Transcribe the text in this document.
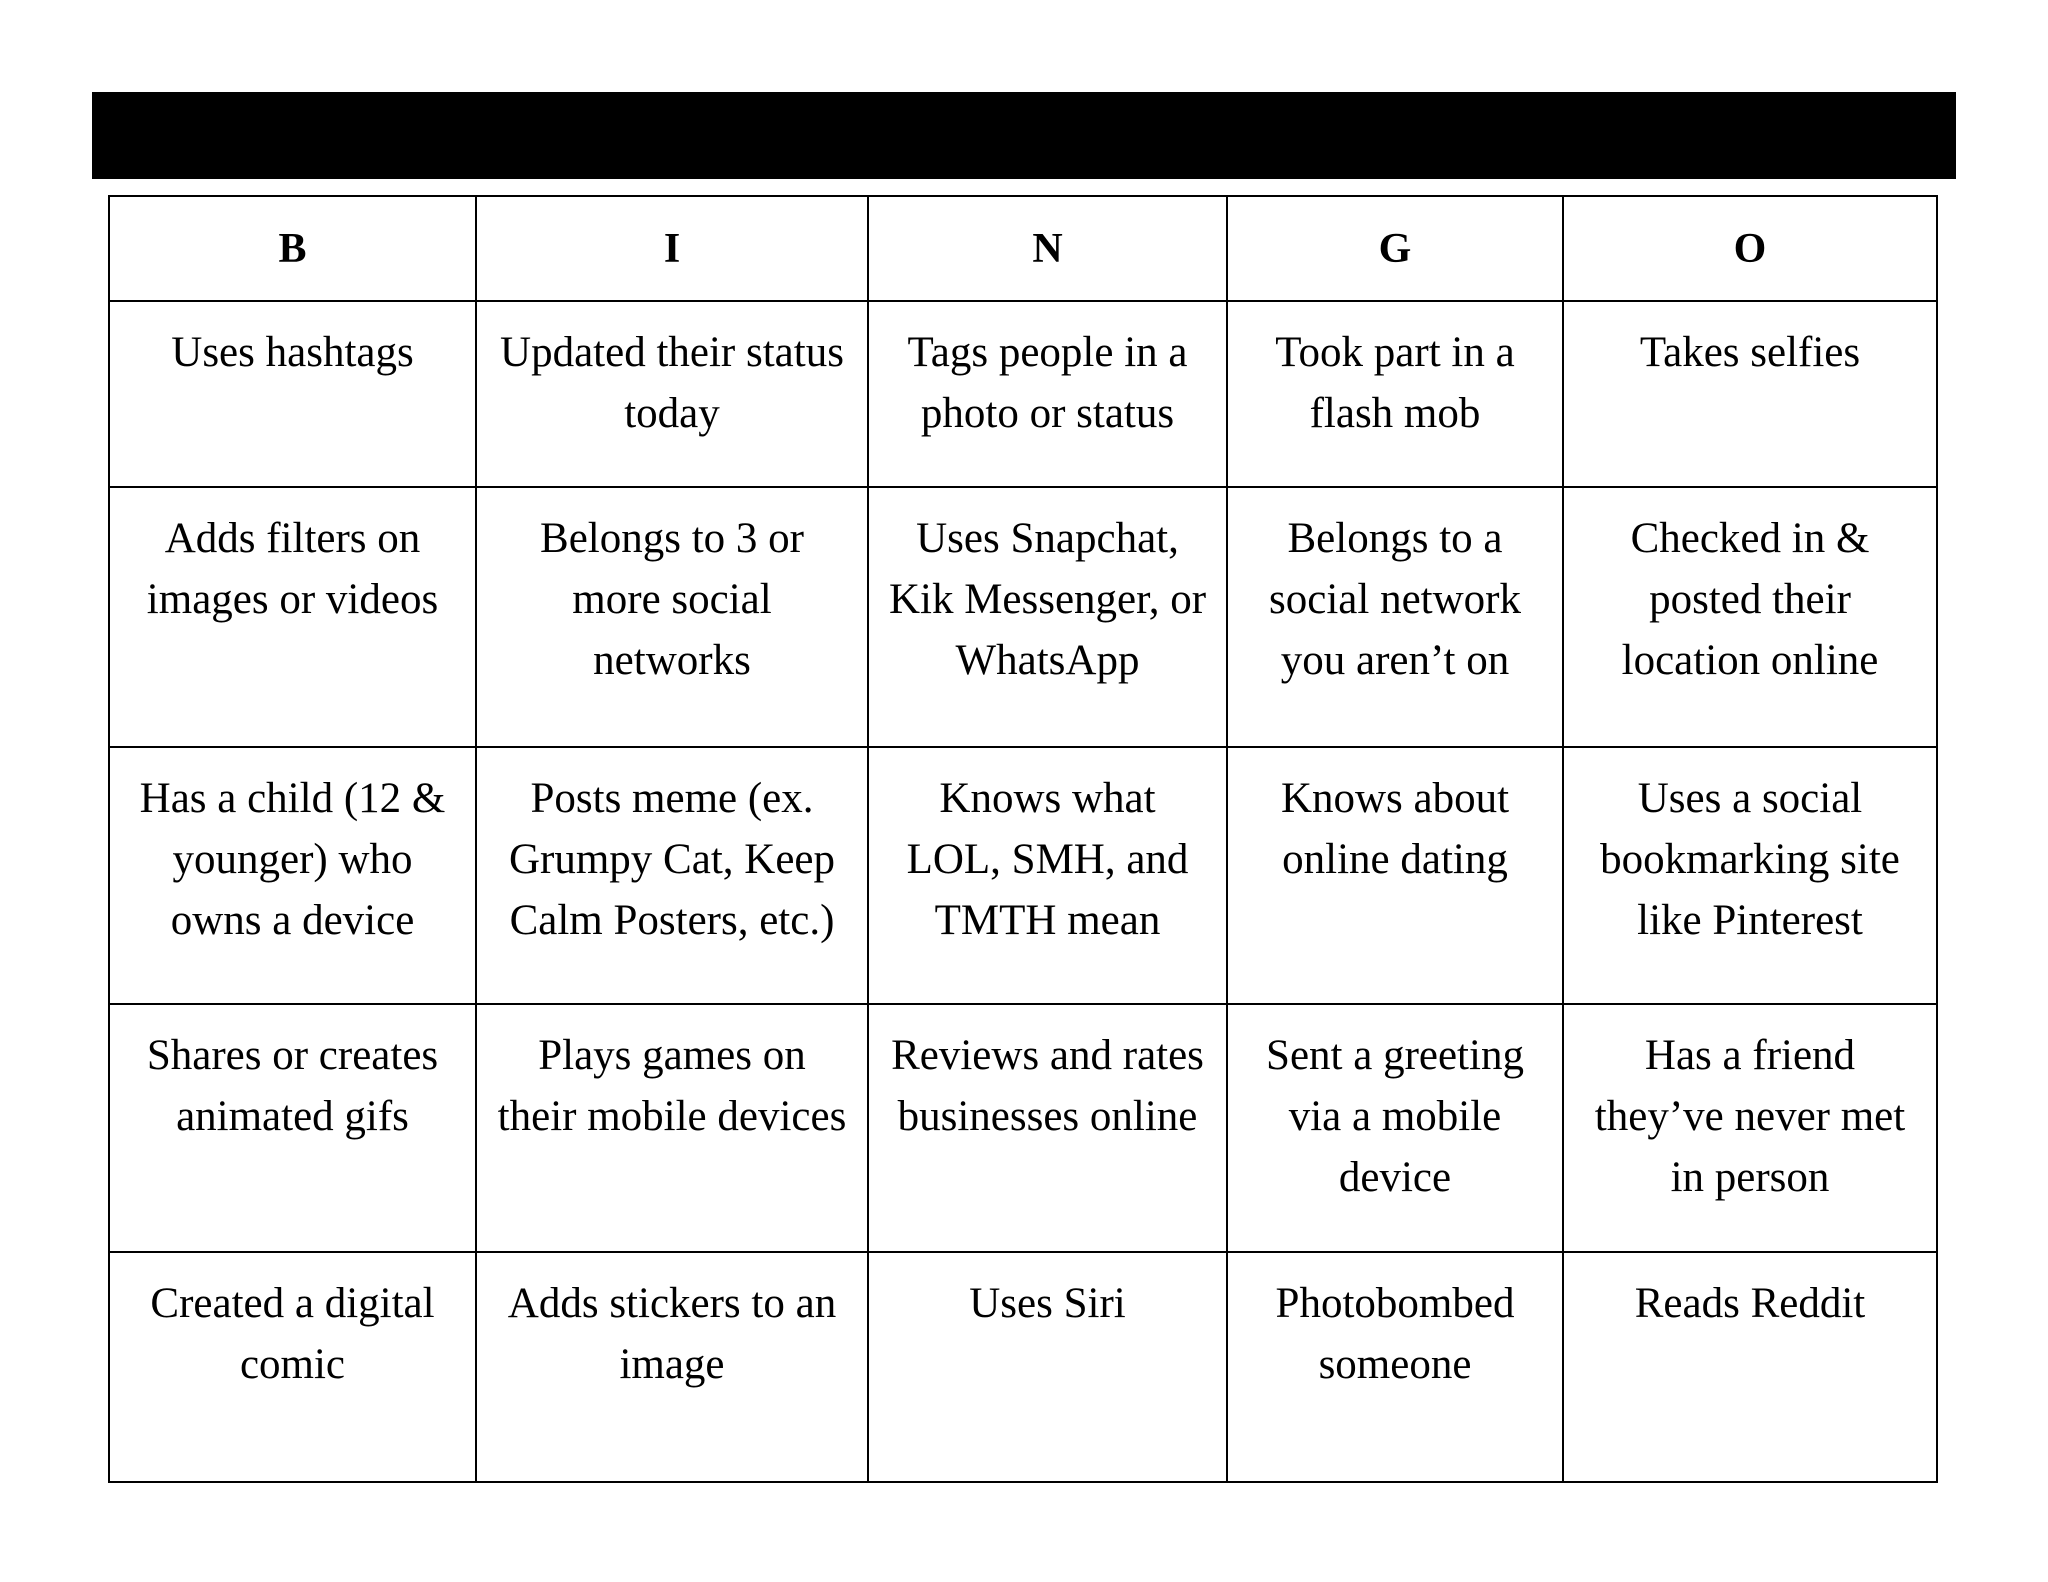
B	I	N	G	O

Uses hashtags	Updated their status today	Tags people in a photo or status	Took part in a flash mob	Takes selfies

Adds filters on images or videos	Belongs to 3 or more social networks	Uses Snapchat, Kik Messenger, or WhatsApp	Belongs to a social network you aren’t on	Checked in & posted their location online

Has a child (12 & younger) who owns a device	Posts meme (ex. Grumpy Cat, Keep Calm Posters, etc.)	Knows what LOL, SMH, and TMTH mean	Knows about online dating	Uses a social bookmarking site like Pinterest

Shares or creates animated gifs	Plays games on their mobile devices	Reviews and rates businesses online	Sent a greeting via a mobile device	Has a friend they’ve never met in person

Created a digital comic	Adds stickers to an image	Uses Siri	Photobombed someone	Reads Reddit
